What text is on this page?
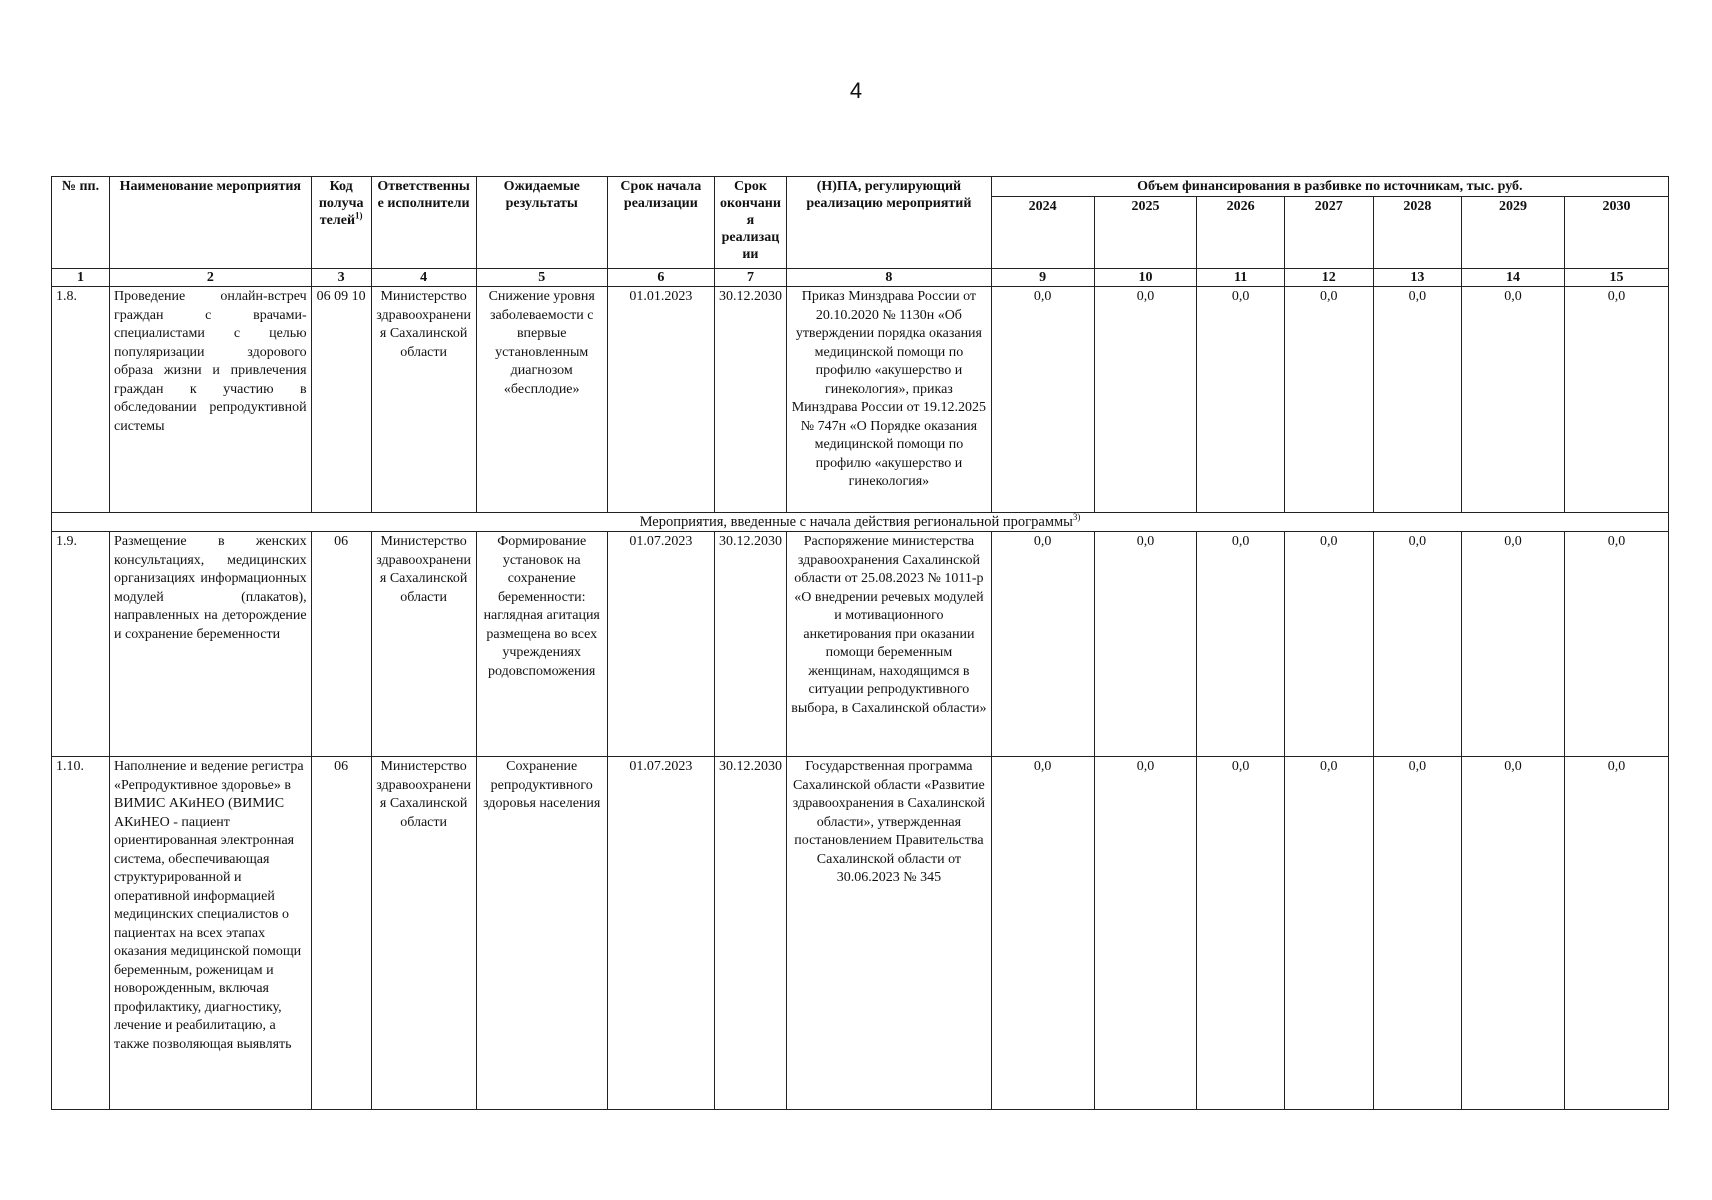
4
№ пп.	Наименование мероприятия	Код получателей$^{1)}$	Ответственные исполнители	Ожидаемые результаты	Срок начала реализации	Срок окончания реализации	(Н)ПА, регулирующий реализацию мероприятий	Объем финансирования в разбивке по источникам, тыс. руб.						
								2024	2025	2026	2027	2028	2029	2030
1	2	3	4	5	6	7	8	9	10	11	12	13	14	15
1.8.	Проведение онлайн-встреч граждан с врачами-специалистами с целью популяризации здорового образа жизни и привлечения граждан к участию в обследовании репродуктивной системы	06 09 10	Министерство здравоохранения Сахалинской области	Снижение уровня заболеваемости с впервые установленным диагнозом «бесплодие»	01.01.2023	30.12.2030	Приказ Минздрава России от 20.10.2020 № 1130н «Об утверждении порядка оказания медицинской помощи по профилю «акушерство и гинекология», приказ Минздрава России от 19.12.2025 № 747н «О Порядке оказания медицинской помощи по профилю «акушерство и гинекология»	0,0	0,0	0,0	0,0	0,0	0,0	0,0
Мероприятия, введенные с начала действия региональной программы$^{3)}$
1.9.	Размещение в женских консультациях, медицинских организациях информационных модулей (плакатов), направленных на деторождение и сохранение беременности	06	Министерство здравоохранения Сахалинской области	Формирование установок на сохранение беременности: наглядная агитация размещена во всех учреждениях родовспоможения	01.07.2023	30.12.2030	Распоряжение министерства здравоохранения Сахалинской области от 25.08.2023 № 1011-р «О внедрении речевых модулей и мотивационного анкетирования при оказании помощи беременным женщинам, находящимся в ситуации репродуктивного выбора, в Сахалинской области»	0,0	0,0	0,0	0,0	0,0	0,0	0,0
1.10.	Наполнение и ведение регистра «Репродуктивное здоровье» в ВИМИС АКиНЕО (ВИМИС АКиНЕО - пациент ориентированная электронная система, обеспечивающая структурированной и оперативной информацией медицинских специалистов о пациентах на всех этапах оказания медицинской помощи беременным, роженицам и новорожденным, включая профилактику, диагностику, лечение и реабилитацию, а также позволяющая выявлять	06	Министерство здравоохранения Сахалинской области	Сохранение репродуктивного здоровья населения	01.07.2023	30.12.2030	Государственная программа Сахалинской области «Развитие здравоохранения в Сахалинской области», утвержденная постановлением Правительства Сахалинской области от 30.06.2023 № 345	0,0	0,0	0,0	0,0	0,0	0,0	0,0
